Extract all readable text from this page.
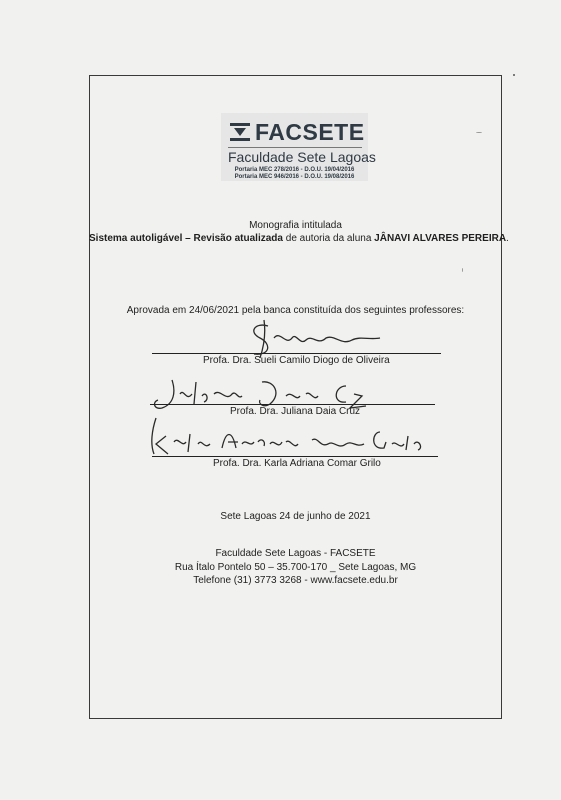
FACSETE
Faculdade Sete Lagoas
Portaria MEC 278/2016 - D.O.U. 19/04/2016
Portaria MEC 946/2016 - D.O.U. 19/08/2016
Monografia intitulada
Sistema autoligável – Revisão atualizada de autoria da aluna JÂNAVI ALVARES PEREIRA.
Aprovada em 24/06/2021 pela banca constituída dos seguintes professores:
Profa. Dra. Sueli Camilo Diogo de Oliveira
Profa. Dra. Juliana Daia Cruz
Profa. Dra. Karla Adriana Comar Grilo
Sete Lagoas 24 de junho de 2021
Faculdade Sete Lagoas - FACSETE
Rua Ítalo Pontelo 50 – 35.700-170 _ Sete Lagoas, MG
Telefone (31) 3773 3268 - www.facsete.edu.br
